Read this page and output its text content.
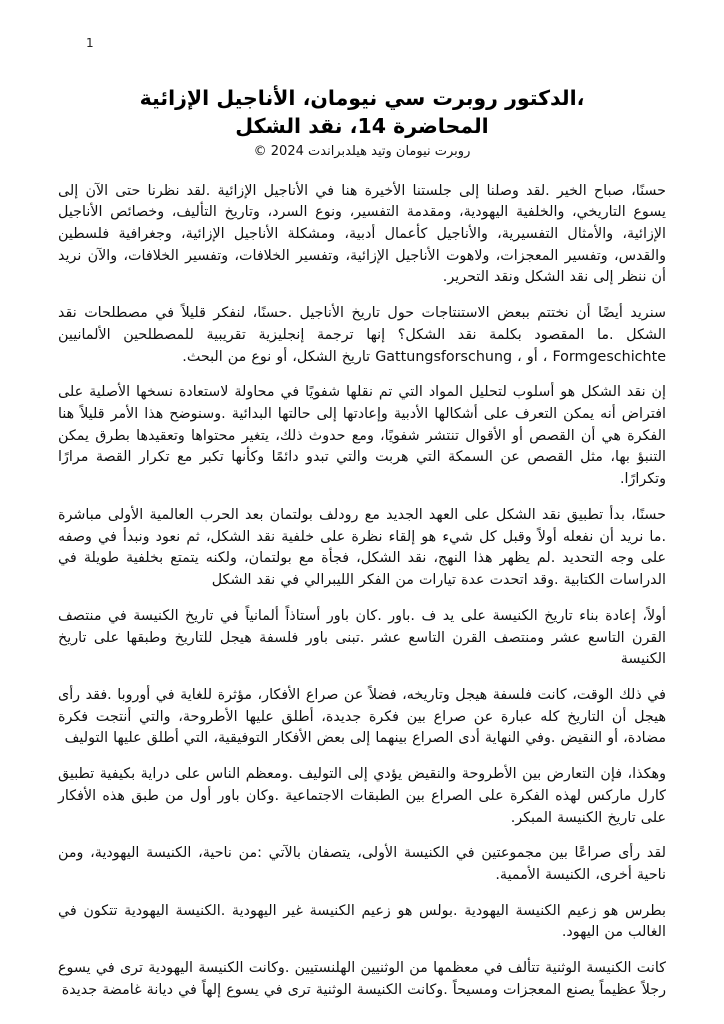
1
،الدكتور روبرت سي نيومان، الأناجيل الإزائية
المحاضرة 14، نقد الشكل
روبرت نيومان وتيد هيلدبراندت 2024 ©

حسنًا، صباح الخير .لقد وصلنا إلى جلستنا الأخيرة هنا في الأناجيل الإزائية .لقد نظرنا حتى الآن إلى يسوع التاريخي، والخلفية اليهودية، ومقدمة التفسير، ونوع السرد، وتاريخ التأليف، وخصائص الأناجيل الإزائية، والأمثال التفسيرية، والأناجيل كأعمال أدبية، ومشكلة الأناجيل الإزائية، وجغرافية فلسطين والقدس، وتفسير المعجزات، ولاهوت الأناجيل الإزائية، وتفسير الخلافات، وتفسير الخلافات، والآن نريد أن ننظر إلى نقد الشكل ونقد التحرير.

سنريد أيضًا أن نختتم ببعض الاستنتاجات حول تاريخ الأناجيل .حسنًا، لنفكر قليلاً في مصطلحات نقد الشكل .ما المقصود بكلمة نقد الشكل؟ إنها ترجمة إنجليزية تقريبية للمصطلحين الألمانيين Formgeschichte ، أو ، Gattungsforschung تاريخ الشكل، أو نوع من البحث.

إن نقد الشكل هو أسلوب لتحليل المواد التي تم نقلها شفويًا في محاولة لاستعادة نسخها الأصلية على افتراض أنه يمكن التعرف على أشكالها الأدبية وإعادتها إلى حالتها البدائية .وسنوضح هذا الأمر قليلاً هنا الفكرة هي أن القصص أو الأقوال تنتشر شفويًا، ومع حدوث ذلك، يتغير محتواها وتعقيدها بطرق يمكن التنبؤ بها، مثل القصص عن السمكة التي هربت والتي تبدو دائمًا وكأنها تكبر مع تكرار القصة مرارًا وتكرارًا.

حسنًا، بدأ تطبيق نقد الشكل على العهد الجديد مع رودلف بولتمان بعد الحرب العالمية الأولى مباشرة .ما نريد أن نفعله أولاً وقبل كل شيء هو إلقاء نظرة على خلفية نقد الشكل، ثم نعود ونبدأ في وصفه على وجه التحديد .لم يظهر هذا النهج، نقد الشكل، فجأة مع بولتمان، ولكنه يتمتع بخلفية طويلة في الدراسات الكتابية .وقد اتحدت عدة تيارات من الفكر الليبرالي في نقد الشكل

أولاً، إعادة بناء تاريخ الكنيسة على يد ف .باور .كان باور أستاذاً ألمانياً في تاريخ الكنيسة في منتصف القرن التاسع عشر ومنتصف القرن التاسع عشر .تبنى باور فلسفة هيجل للتاريخ وطبقها على تاريخ الكنيسة

في ذلك الوقت، كانت فلسفة هيجل وتاريخه، فضلاً عن صراع الأفكار، مؤثرة للغاية في أوروبا .فقد رأى هيجل أن التاريخ كله عبارة عن صراع بين فكرة جديدة، أطلق عليها الأطروحة، والتي أنتجت فكرة مضادة، أو النقيض .وفي النهاية أدى الصراع بينهما إلى بعض الأفكار التوفيقية، التي أطلق عليها التوليف

وهكذا، فإن التعارض بين الأطروحة والنقيض يؤدي إلى التوليف .ومعظم الناس على دراية بكيفية تطبيق كارل ماركس لهذه الفكرة على الصراع بين الطبقات الاجتماعية .وكان باور أول من طبق هذه الأفكار على تاريخ الكنيسة المبكر.

لقد رأى صراعًا بين مجموعتين في الكنيسة الأولى، يتصفان بالآتي :من ناحية، الكنيسة اليهودية، ومن ناحية أخرى، الكنيسة الأممية.

بطرس هو زعيم الكنيسة اليهودية .بولس هو زعيم الكنيسة غير اليهودية .الكنيسة اليهودية تتكون في الغالب من اليهود.

كانت الكنيسة الوثنية تتألف في معظمها من الوثنيين الهلنستيين .وكانت الكنيسة اليهودية ترى في يسوع رجلاً عظيماً يصنع المعجزات ومسيحاً .وكانت الكنيسة الوثنية ترى في يسوع إلهاً في ديانة غامضة جديدة
